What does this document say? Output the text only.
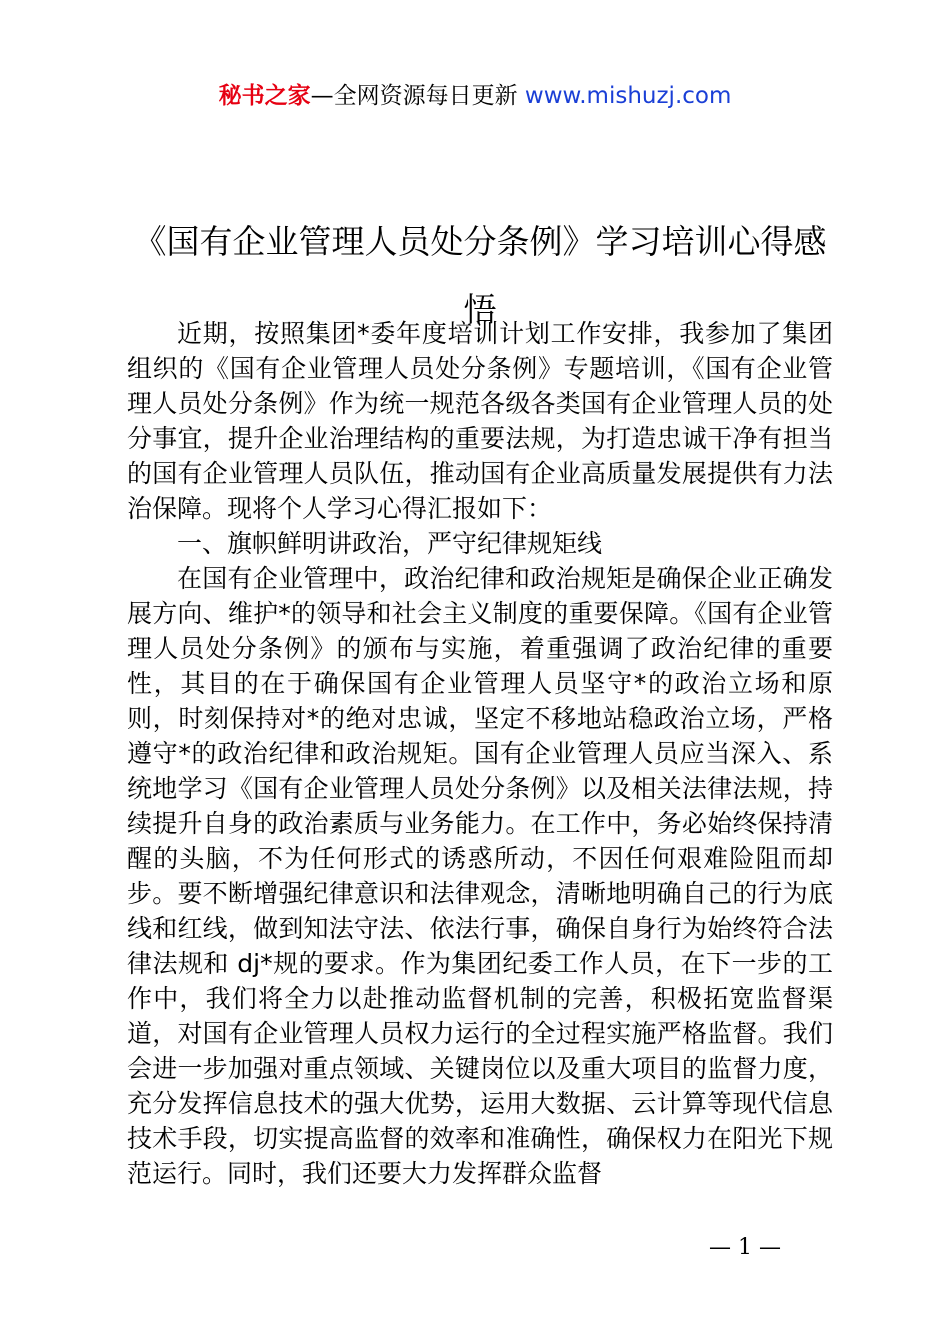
秘书之家—全网资源每日更新 www.mishuzj.com
《国有企业管理人员处分条例》学习培训心得感悟

近期，按照集团*委年度培训计划工作安排，我参加了集团组织的《国有企业管理人员处分条例》专题培训，《国有企业管理人员处分条例》作为统一规范各级各类国有企业管理人员的处分事宜，提升企业治理结构的重要法规，为打造忠诚干净有担当的国有企业管理人员队伍，推动国有企业高质量发展提供有力法治保障。现将个人学习心得汇报如下：

一、旗帜鲜明讲政治，严守纪律规矩线

在国有企业管理中，政治纪律和政治规矩是确保企业正确发展方向、维护*的领导和社会主义制度的重要保障。《国有企业管理人员处分条例》的颁布与实施，着重强调了政治纪律的重要性，其目的在于确保国有企业管理人员坚守*的政治立场和原则，时刻保持对*的绝对忠诚，坚定不移地站稳政治立场，严格遵守*的政治纪律和政治规矩。国有企业管理人员应当深入、系统地学习《国有企业管理人员处分条例》以及相关法律法规，持续提升自身的政治素质与业务能力。在工作中，务必始终保持清醒的头脑，不为任何形式的诱惑所动，不因任何艰难险阻而却步。要不断增强纪律意识和法律观念，清晰地明确自己的行为底线和红线，做到知法守法、依法行事，确保自身行为始终符合法律法规和 dj*规的要求。作为集团纪委工作人员，在下一步的工作中，我们将全力以赴推动监督机制的完善，积极拓宽监督渠道，对国有企业管理人员权力运行的全过程实施严格监督。我们会进一步加强对重点领域、关键岗位以及重大项目的监督力度，充分发挥信息技术的强大优势，运用大数据、云计算等现代信息技术手段，切实提高监督的效率和准确性，确保权力在阳光下规范运行。同时，我们还要大力发挥群众监督

— 1 —
